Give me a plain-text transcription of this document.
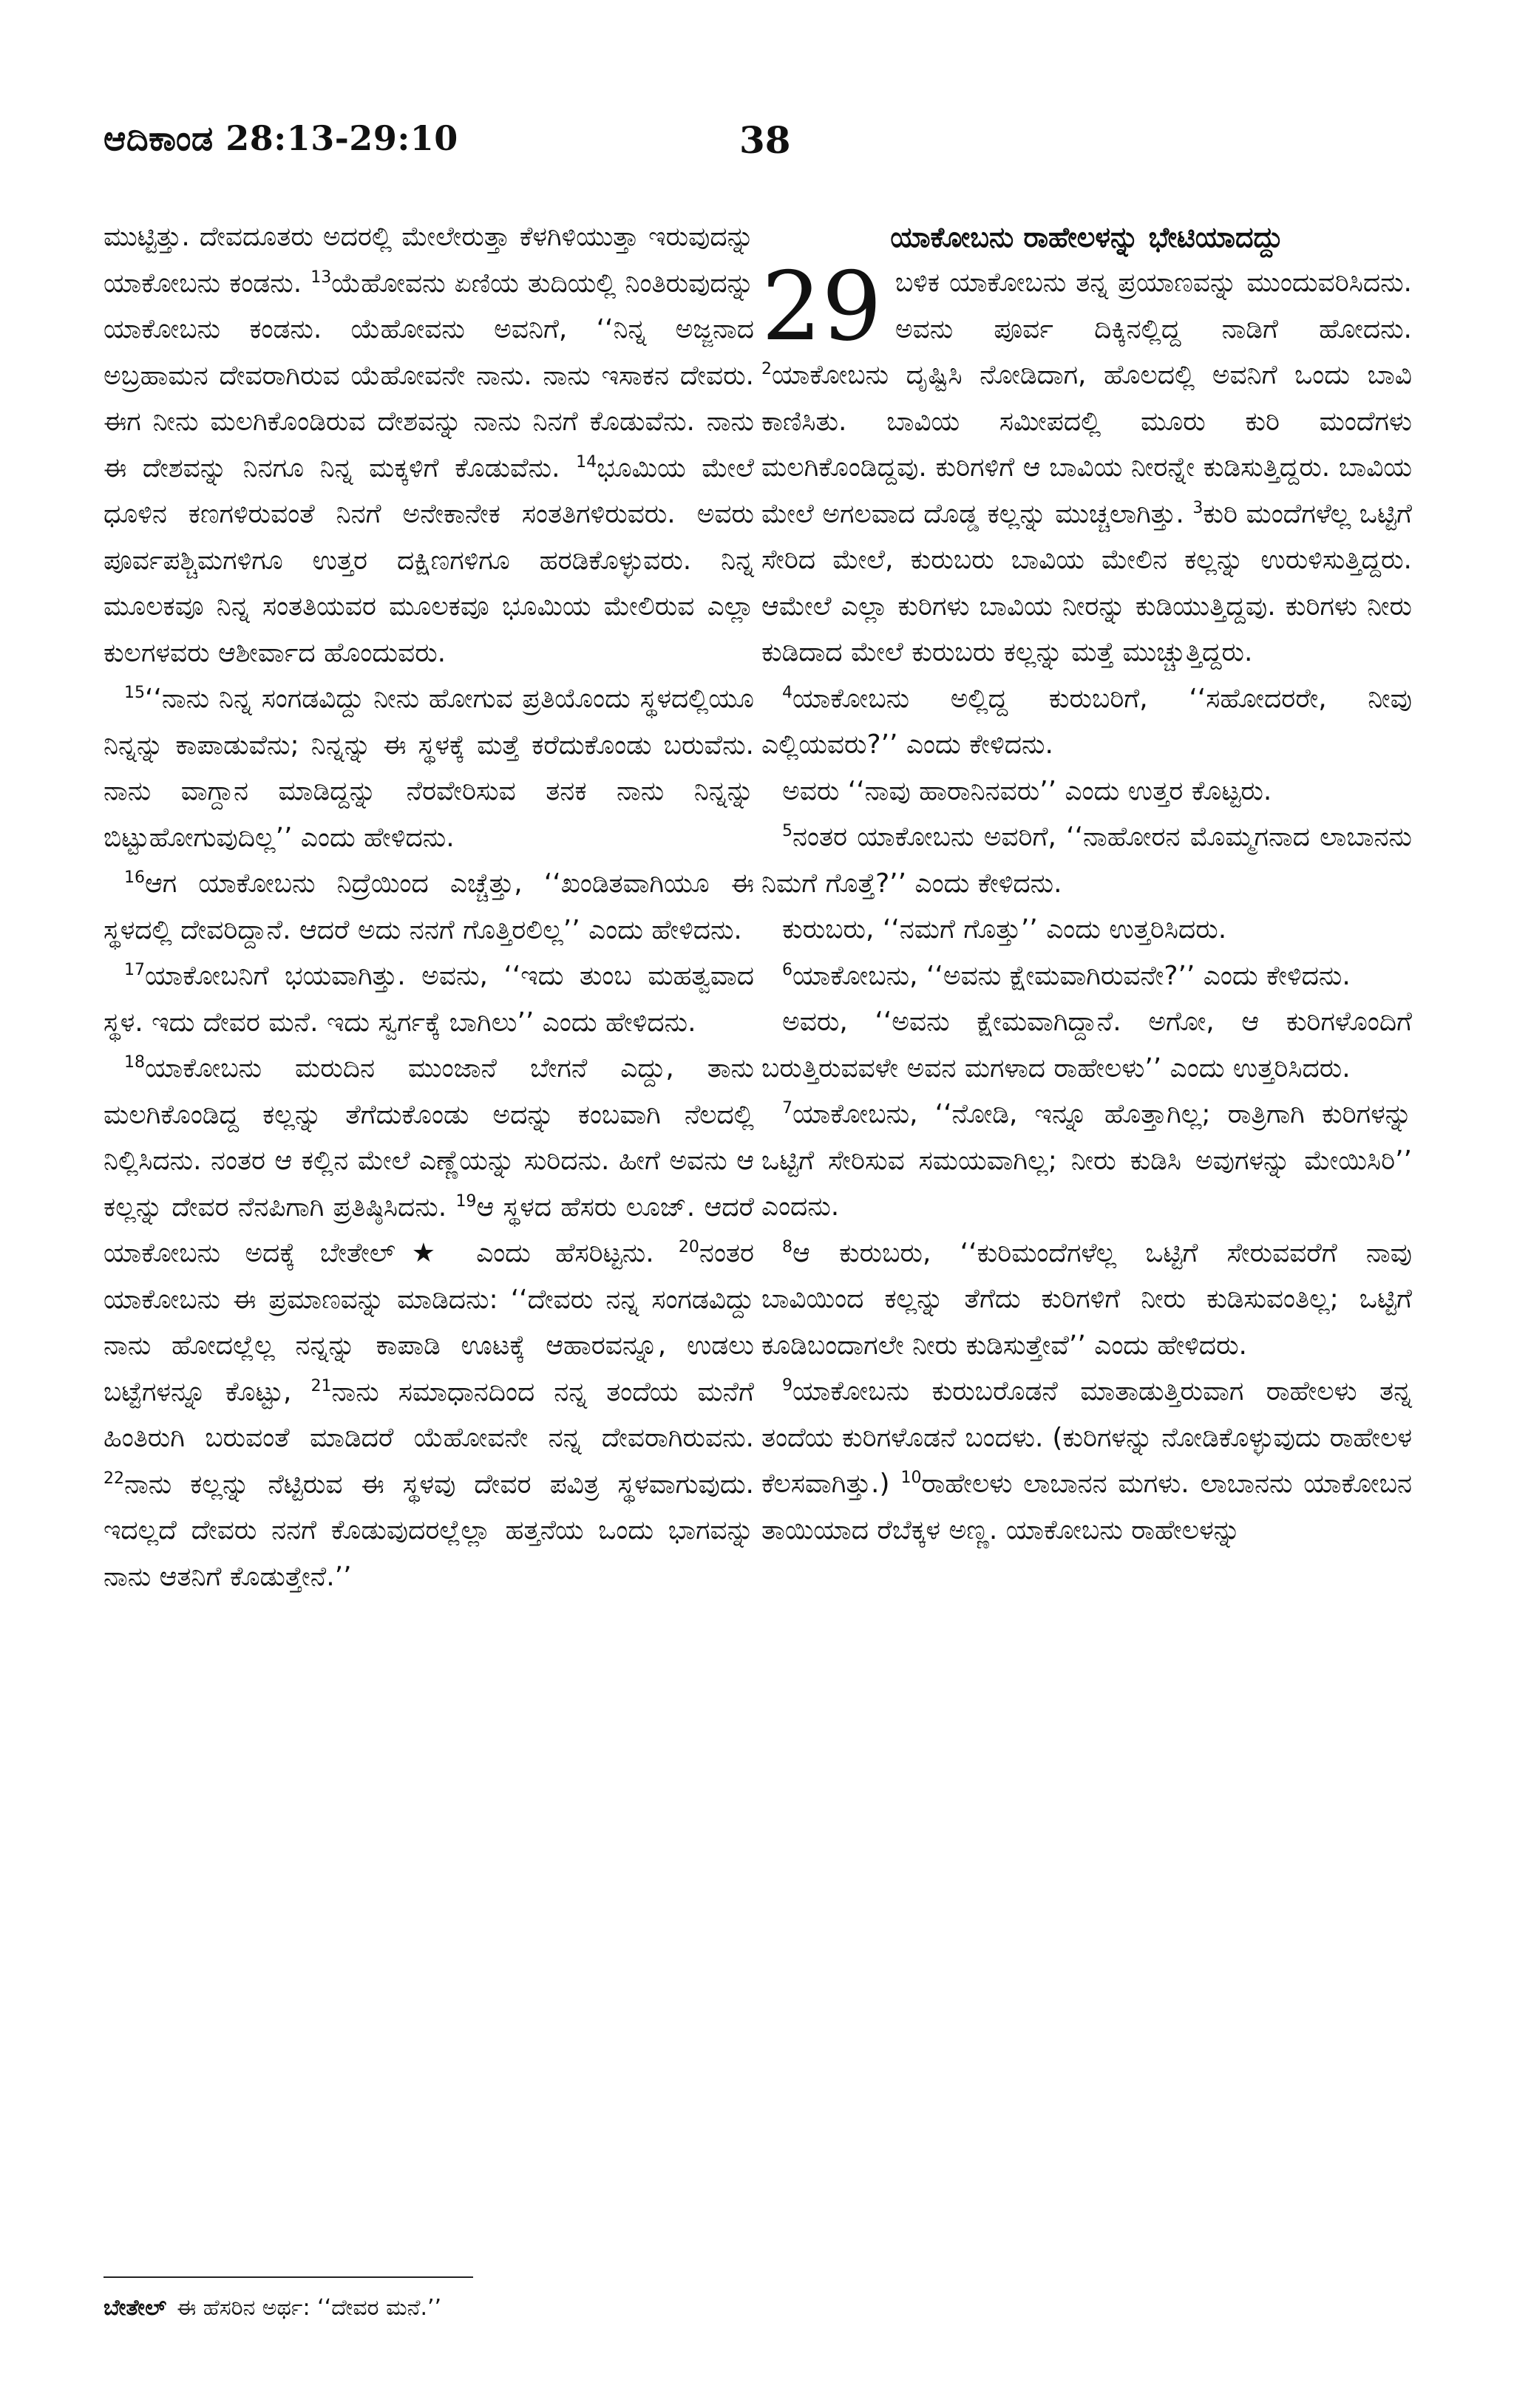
ಆದಿಕಾಂಡ 28:13-29:10	38

ಮುಟ್ಟಿತ್ತು. ದೇವದೂತರು ಅದರಲ್ಲಿ ಮೇಲೇರುತ್ತಾ ಕೆಳಗಿಳಿಯುತ್ತಾ ಇರುವುದನ್ನು ಯಾಕೋಬನು ಕಂಡನು. $^{13}$ಯೆಹೋವನು ಏಣಿಯ ತುದಿಯಲ್ಲಿ ನಿಂತಿರುವುದನ್ನು ಯಾಕೋಬನು ಕಂಡನು. ಯೆಹೋವನು ಅವನಿಗೆ, ‘‘ನಿನ್ನ ಅಜ್ಜನಾದ ಅಬ್ರಹಾಮನ ದೇವರಾಗಿರುವ ಯೆಹೋವನೇ ನಾನು. ನಾನು ಇಸಾಕನ ದೇವರು. ಈಗ ನೀನು ಮಲಗಿಕೊಂಡಿರುವ ದೇಶವನ್ನು ನಾನು ನಿನಗೆ ಕೊಡುವೆನು. ನಾನು ಈ ದೇಶವನ್ನು ನಿನಗೂ ನಿನ್ನ ಮಕ್ಕಳಿಗೆ ಕೊಡುವೆನು. $^{14}$ಭೂಮಿಯ ಮೇಲೆ ಧೂಳಿನ ಕಣಗಳಿರುವಂತೆ ನಿನಗೆ ಅನೇಕಾನೇಕ ಸಂತತಿಗಳಿರುವರು. ಅವರು ಪೂರ್ವಪಶ್ಚಿಮಗಳಿಗೂ ಉತ್ತರ ದಕ್ಷಿಣಗಳಿಗೂ ಹರಡಿಕೊಳ್ಳುವರು. ನಿನ್ನ ಮೂಲಕವೂ ನಿನ್ನ ಸಂತತಿಯವರ ಮೂಲಕವೂ ಭೂಮಿಯ ಮೇಲಿರುವ ಎಲ್ಲಾ ಕುಲಗಳವರು ಆಶೀರ್ವಾದ ಹೊಂದುವರು.

$^{15}$‘‘ನಾನು ನಿನ್ನ ಸಂಗಡವಿದ್ದು ನೀನು ಹೋಗುವ ಪ್ರತಿಯೊಂದು ಸ್ಥಳದಲ್ಲಿಯೂ ನಿನ್ನನ್ನು ಕಾಪಾಡುವೆನು; ನಿನ್ನನ್ನು ಈ ಸ್ಥಳಕ್ಕೆ ಮತ್ತೆ ಕರೆದುಕೊಂಡು ಬರುವೆನು. ನಾನು ವಾಗ್ದಾನ ಮಾಡಿದ್ದನ್ನು ನೆರವೇರಿಸುವ ತನಕ ನಾನು ನಿನ್ನನ್ನು ಬಿಟ್ಟುಹೋಗುವುದಿಲ್ಲ’’ ಎಂದು ಹೇಳಿದನು.

$^{16}$ಆಗ ಯಾಕೋಬನು ನಿದ್ರೆಯಿಂದ ಎಚ್ಚೆತ್ತು, ‘‘ಖಂಡಿತವಾಗಿಯೂ ಈ ಸ್ಥಳದಲ್ಲಿ ದೇವರಿದ್ದಾನೆ. ಆದರೆ ಅದು ನನಗೆ ಗೊತ್ತಿರಲಿಲ್ಲ’’ ಎಂದು ಹೇಳಿದನು.

$^{17}$ಯಾಕೋಬನಿಗೆ ಭಯವಾಗಿತ್ತು. ಅವನು, ‘‘ಇದು ತುಂಬ ಮಹತ್ವವಾದ ಸ್ಥಳ. ಇದು ದೇವರ ಮನೆ. ಇದು ಸ್ವರ್ಗಕ್ಕೆ ಬಾಗಿಲು’’ ಎಂದು ಹೇಳಿದನು.

$^{18}$ಯಾಕೋಬನು ಮರುದಿನ ಮುಂಜಾನೆ ಬೇಗನೆ ಎದ್ದು, ತಾನು ಮಲಗಿಕೊಂಡಿದ್ದ ಕಲ್ಲನ್ನು ತೆಗೆದುಕೊಂಡು ಅದನ್ನು ಕಂಬವಾಗಿ ನೆಲದಲ್ಲಿ ನಿಲ್ಲಿಸಿದನು. ನಂತರ ಆ ಕಲ್ಲಿನ ಮೇಲೆ ಎಣ್ಣೆಯನ್ನು ಸುರಿದನು. ಹೀಗೆ ಅವನು ಆ ಕಲ್ಲನ್ನು ದೇವರ ನೆನಪಿಗಾಗಿ ಪ್ರತಿಷ್ಠಿಸಿದನು. $^{19}$ಆ ಸ್ಥಳದ ಹೆಸರು ಲೂಜ್. ಆದರೆ ಯಾಕೋಬನು ಅದಕ್ಕೆ ಬೇತೇಲ್★ ಎಂದು ಹೆಸರಿಟ್ಟನು. $^{20}$ನಂತರ ಯಾಕೋಬನು ಈ ಪ್ರಮಾಣವನ್ನು ಮಾಡಿದನು: ‘‘ದೇವರು ನನ್ನ ಸಂಗಡವಿದ್ದು ನಾನು ಹೋದಲ್ಲೆಲ್ಲ ನನ್ನನ್ನು ಕಾಪಾಡಿ ಊಟಕ್ಕೆ ಆಹಾರವನ್ನೂ, ಉಡಲು ಬಟ್ಟೆಗಳನ್ನೂ ಕೊಟ್ಟು, $^{21}$ನಾನು ಸಮಾಧಾನದಿಂದ ನನ್ನ ತಂದೆಯ ಮನೆಗೆ ಹಿಂತಿರುಗಿ ಬರುವಂತೆ ಮಾಡಿದರೆ ಯೆಹೋವನೇ ನನ್ನ ದೇವರಾಗಿರುವನು. $^{22}$ನಾನು ಕಲ್ಲನ್ನು ನೆಟ್ಟಿರುವ ಈ ಸ್ಥಳವು ದೇವರ ಪವಿತ್ರ ಸ್ಥಳವಾಗುವುದು. ಇದಲ್ಲದೆ ದೇವರು ನನಗೆ ಕೊಡುವುದರಲ್ಲೆಲ್ಲಾ ಹತ್ತನೆಯ ಒಂದು ಭಾಗವನ್ನು ನಾನು ಆತನಿಗೆ ಕೊಡುತ್ತೇನೆ.’’

ಯಾಕೋಬನು ರಾಹೇಲಳನ್ನು ಭೇಟಿಯಾದದ್ದು

29 ಬಳಿಕ ಯಾಕೋಬನು ತನ್ನ ಪ್ರಯಾಣವನ್ನು ಮುಂದುವರಿಸಿದನು. ಅವನು ಪೂರ್ವ ದಿಕ್ಕಿನಲ್ಲಿದ್ದ ನಾಡಿಗೆ ಹೋದನು. $^2$ಯಾಕೋಬನು ದೃಷ್ಟಿಸಿ ನೋಡಿದಾಗ, ಹೊಲದಲ್ಲಿ ಅವನಿಗೆ ಒಂದು ಬಾವಿ ಕಾಣಿಸಿತು. ಬಾವಿಯ ಸಮೀಪದಲ್ಲಿ ಮೂರು ಕುರಿ ಮಂದೆಗಳು ಮಲಗಿಕೊಂಡಿದ್ದವು. ಕುರಿಗಳಿಗೆ ಆ ಬಾವಿಯ ನೀರನ್ನೇ ಕುಡಿಸುತ್ತಿದ್ದರು. ಬಾವಿಯ ಮೇಲೆ ಅಗಲವಾದ ದೊಡ್ಡ ಕಲ್ಲನ್ನು ಮುಚ್ಚಲಾಗಿತ್ತು. $^3$ಕುರಿ ಮಂದೆಗಳೆಲ್ಲ ಒಟ್ಟಿಗೆ ಸೇರಿದ ಮೇಲೆ, ಕುರುಬರು ಬಾವಿಯ ಮೇಲಿನ ಕಲ್ಲನ್ನು ಉರುಳಿಸುತ್ತಿದ್ದರು. ಆಮೇಲೆ ಎಲ್ಲಾ ಕುರಿಗಳು ಬಾವಿಯ ನೀರನ್ನು ಕುಡಿಯುತ್ತಿದ್ದವು. ಕುರಿಗಳು ನೀರು ಕುಡಿದಾದ ಮೇಲೆ ಕುರುಬರು ಕಲ್ಲನ್ನು ಮತ್ತೆ ಮುಚ್ಚುತ್ತಿದ್ದರು.

$^4$ಯಾಕೋಬನು ಅಲ್ಲಿದ್ದ ಕುರುಬರಿಗೆ, ‘‘ಸಹೋದರರೇ, ನೀವು ಎಲ್ಲಿಯವರು?’’ ಎಂದು ಕೇಳಿದನು.

ಅವರು ‘‘ನಾವು ಹಾರಾನಿನವರು’’ ಎಂದು ಉತ್ತರ ಕೊಟ್ಟರು.

$^5$ನಂತರ ಯಾಕೋಬನು ಅವರಿಗೆ, ‘‘ನಾಹೋರನ ಮೊಮ್ಮಗನಾದ ಲಾಬಾನನು ನಿಮಗೆ ಗೊತ್ತೆ?’’ ಎಂದು ಕೇಳಿದನು.

ಕುರುಬರು, ‘‘ನಮಗೆ ಗೊತ್ತು’’ ಎಂದು ಉತ್ತರಿಸಿದರು.

$^6$ಯಾಕೋಬನು, ‘‘ಅವನು ಕ್ಷೇಮವಾಗಿರುವನೇ?’’ ಎಂದು ಕೇಳಿದನು.

ಅವರು, ‘‘ಅವನು ಕ್ಷೇಮವಾಗಿದ್ದಾನೆ. ಅಗೋ, ಆ ಕುರಿಗಳೊಂದಿಗೆ ಬರುತ್ತಿರುವವಳೇ ಅವನ ಮಗಳಾದ ರಾಹೇಲಳು’’ ಎಂದು ಉತ್ತರಿಸಿದರು.

$^7$ಯಾಕೋಬನು, ‘‘ನೋಡಿ, ಇನ್ನೂ ಹೊತ್ತಾಗಿಲ್ಲ; ರಾತ್ರಿಗಾಗಿ ಕುರಿಗಳನ್ನು ಒಟ್ಟಿಗೆ ಸೇರಿಸುವ ಸಮಯವಾಗಿಲ್ಲ; ನೀರು ಕುಡಿಸಿ ಅವುಗಳನ್ನು ಮೇಯಿಸಿರಿ’’ ಎಂದನು.

$^8$ಆ ಕುರುಬರು, ‘‘ಕುರಿಮಂದೆಗಳೆಲ್ಲ ಒಟ್ಟಿಗೆ ಸೇರುವವರೆಗೆ ನಾವು ಬಾವಿಯಿಂದ ಕಲ್ಲನ್ನು ತೆಗೆದು ಕುರಿಗಳಿಗೆ ನೀರು ಕುಡಿಸುವಂತಿಲ್ಲ; ಒಟ್ಟಿಗೆ ಕೂಡಿಬಂದಾಗಲೇ ನೀರು ಕುಡಿಸುತ್ತೇವೆ’’ ಎಂದು ಹೇಳಿದರು.

$^9$ಯಾಕೋಬನು ಕುರುಬರೊಡನೆ ಮಾತಾಡುತ್ತಿರುವಾಗ ರಾಹೇಲಳು ತನ್ನ ತಂದೆಯ ಕುರಿಗಳೊಡನೆ ಬಂದಳು. (ಕುರಿಗಳನ್ನು ನೋಡಿಕೊಳ್ಳುವುದು ರಾಹೇಲಳ ಕೆಲಸವಾಗಿತ್ತು.) $^{10}$ರಾಹೇಲಳು ಲಾಬಾನನ ಮಗಳು. ಲಾಬಾನನು ಯಾಕೋಬನ ತಾಯಿಯಾದ ರೆಬೆಕ್ಕಳ ಅಣ್ಣ. ಯಾಕೋಬನು ರಾಹೇಲಳನ್ನು

ಬೇತೇಲ್ ಈ ಹೆಸರಿನ ಅರ್ಥ: ‘‘ದೇವರ ಮನೆ.’’
